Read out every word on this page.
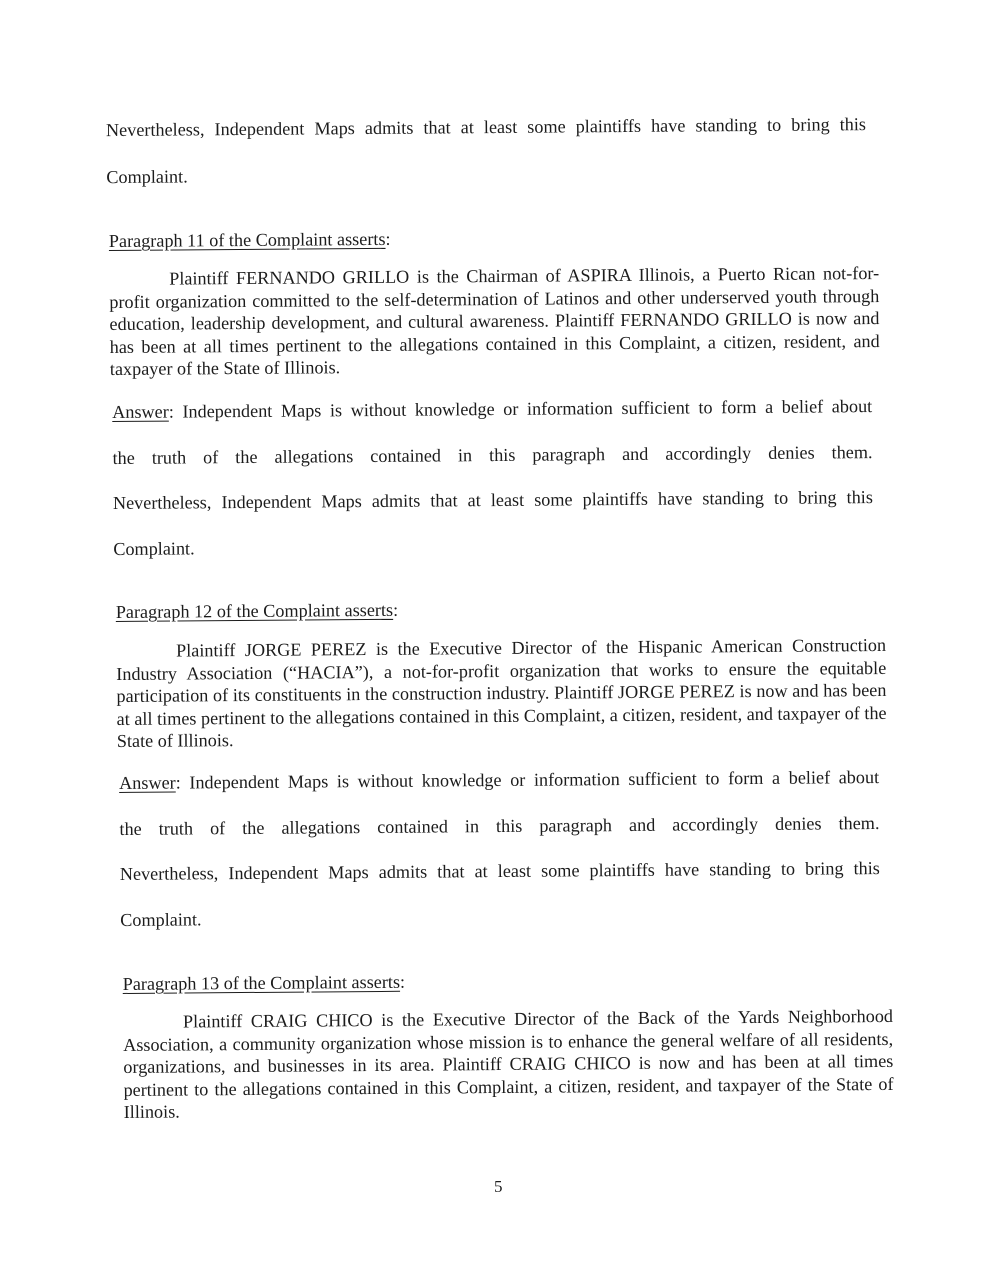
Nevertheless, Independent Maps admits that at least some plaintiffs have standing to bring this
Complaint.
Paragraph 11 of the Complaint asserts:
Plaintiff FERNANDO GRILLO is the Chairman of ASPIRA Illinois, a Puerto Rican not-for-profit organization committed to the self-determination of Latinos and other underserved youth through education, leadership development, and cultural awareness. Plaintiff FERNANDO GRILLO is now and has been at all times pertinent to the allegations contained in this Complaint, a citizen, resident, and taxpayer of the State of Illinois.
Answer: Independent Maps is without knowledge or information sufficient to form a belief about
the truth of the allegations contained in this paragraph and accordingly denies them.
Nevertheless, Independent Maps admits that at least some plaintiffs have standing to bring this
Complaint.
Paragraph 12 of the Complaint asserts:
Plaintiff JORGE PEREZ is the Executive Director of the Hispanic American Construction Industry Association (“HACIA”), a not-for-profit organization that works to ensure the equitable participation of its constituents in the construction industry. Plaintiff JORGE PEREZ is now and has been at all times pertinent to the allegations contained in this Complaint, a citizen, resident, and taxpayer of the State of Illinois.
Answer: Independent Maps is without knowledge or information sufficient to form a belief about
the truth of the allegations contained in this paragraph and accordingly denies them.
Nevertheless, Independent Maps admits that at least some plaintiffs have standing to bring this
Complaint.
Paragraph 13 of the Complaint asserts:
Plaintiff CRAIG CHICO is the Executive Director of the Back of the Yards Neighborhood Association, a community organization whose mission is to enhance the general welfare of all residents, organizations, and businesses in its area. Plaintiff CRAIG CHICO is now and has been at all times pertinent to the allegations contained in this Complaint, a citizen, resident, and taxpayer of the State of Illinois.
5
